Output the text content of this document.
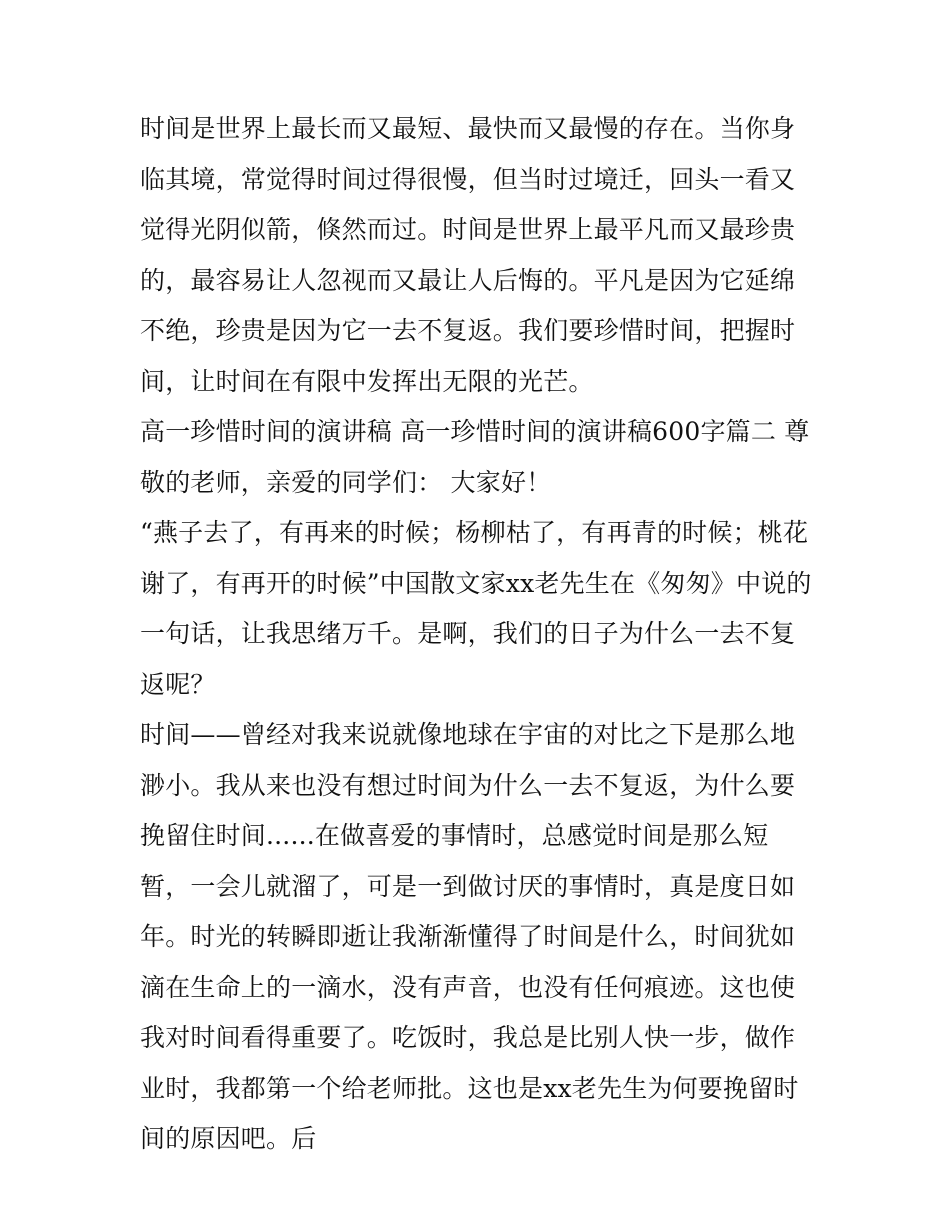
时间是世界上最长而又最短、最快而又最慢的存在。当你身临其境，常觉得时间过得很慢，但当时过境迁，回头一看又觉得光阴似箭，倏然而过。时间是世界上最平凡而又最珍贵的，最容易让人忽视而又最让人后悔的。平凡是因为它延绵不绝，珍贵是因为它一去不复返。我们要珍惜时间，把握时间，让时间在有限中发挥出无限的光芒。

高一珍惜时间的演讲稿 高一珍惜时间的演讲稿600字篇二 尊敬的老师，亲爱的同学们： 大家好！

“燕子去了，有再来的时候；杨柳枯了，有再青的时候；桃花谢了，有再开的时候”中国散文家xx老先生在《匆匆》中说的一句话，让我思绪万千。是啊，我们的日子为什么一去不复返呢？

时间——曾经对我来说就像地球在宇宙的对比之下是那么地渺小。我从来也没有想过时间为什么一去不复返，为什么要挽留住时间......在做喜爱的事情时，总感觉时间是那么短暂，一会儿就溜了，可是一到做讨厌的事情时，真是度日如年。时光的转瞬即逝让我渐渐懂得了时间是什么，时间犹如滴在生命上的一滴水，没有声音，也没有任何痕迹。这也使我对时间看得重要了。吃饭时，我总是比别人快一步，做作业时，我都第一个给老师批。这也是xx老先生为何要挽留时间的原因吧。后
